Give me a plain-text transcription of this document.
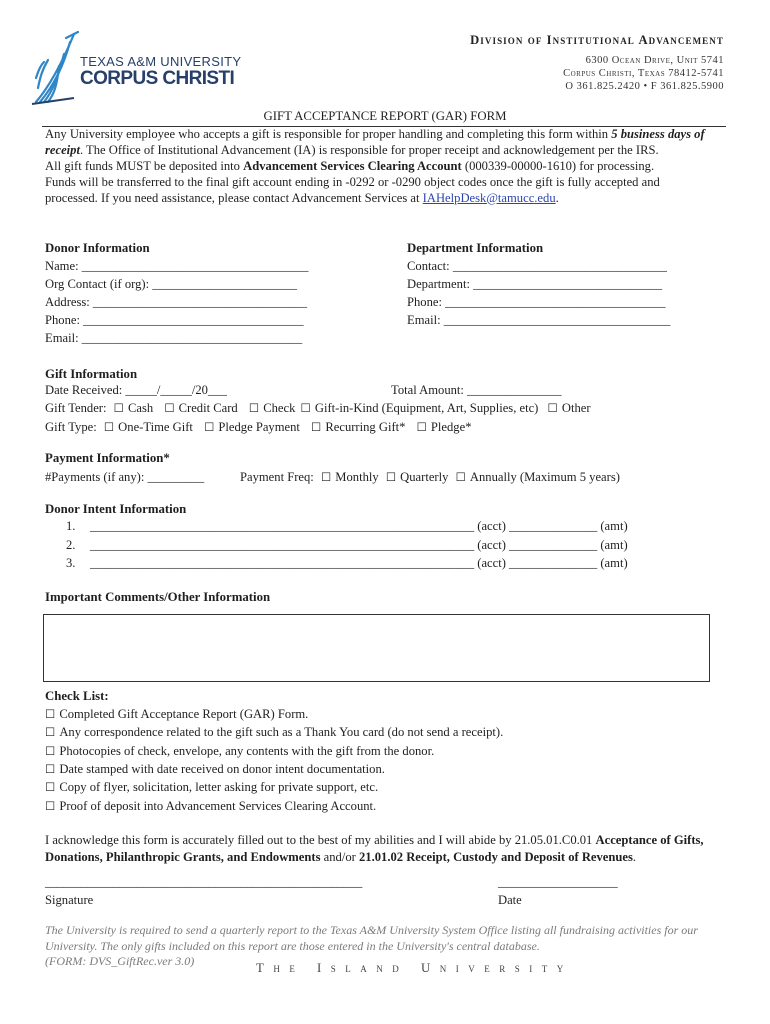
TEXAS A&M UNIVERSITY
CORPUS CHRISTI
Division of Institutional Advancement
6300 Ocean Drive, Unit 5741
Corpus Christi, Texas 78412-5741
O 361.825.2420 • F 361.825.5900
GIFT ACCEPTANCE REPORT (GAR) FORM
Any University employee who accepts a gift is responsible for proper handling and completing this form within 5 business days of receipt. The Office of Institutional Advancement (IA) is responsible for proper receipt and acknowledgement per the IRS.
All gift funds MUST be deposited into Advancement Services Clearing Account (000339-00000-1610) for processing.
Funds will be transferred to the final gift account ending in -0292 or -0290 object codes once the gift is fully accepted and processed. If you need assistance, please contact Advancement Services at IAHelpDesk@tamucc.edu.
Donor Information
Name: ____________________________________
Org Contact (if org): _______________________
Address: __________________________________
Phone: ___________________________________
Email: ___________________________________
Department Information
Contact: __________________________________
Department: ______________________________
Phone: ___________________________________
Email: ____________________________________
Gift Information
Date Received: _____/_____/20___	Total Amount: _______________
Gift Tender: ☐ Cash ☐ Credit Card ☐ Check ☐ Gift-in-Kind (Equipment, Art, Supplies, etc) ☐ Other
Gift Type: ☐ One-Time Gift ☐ Pledge Payment ☐ Recurring Gift* ☐ Pledge*
Payment Information*
#Payments (if any): _________	Payment Freq: ☐ Monthly ☐ Quarterly ☐ Annually (Maximum 5 years)
Donor Intent Information
1. _____________________________________________________________ (acct) ______________ (amt)
2. _____________________________________________________________ (acct) ______________ (amt)
3. _____________________________________________________________ (acct) ______________ (amt)
Important Comments/Other Information
Check List:
☐ Completed Gift Acceptance Report (GAR) Form.
☐ Any correspondence related to the gift such as a Thank You card (do not send a receipt).
☐ Photocopies of check, envelope, any contents with the gift from the donor.
☐ Date stamped with date received on donor intent documentation.
☐ Copy of flyer, solicitation, letter asking for private support, etc.
☐ Proof of deposit into Advancement Services Clearing Account.
I acknowledge this form is accurately filled out to the best of my abilities and I will abide by 21.05.01.C0.01 Acceptance of Gifts, Donations, Philanthropic Grants, and Endowments and/or 21.01.02 Receipt, Custody and Deposit of Revenues.
____________________________________________________
Signature
___________________
Date
The University is required to send a quarterly report to the Texas A&M University System Office listing all fundraising activities for our University. The only gifts included on this report are those entered in the University's central database.
(FORM: DVS_GiftRec.ver 3.0)	The Island University
